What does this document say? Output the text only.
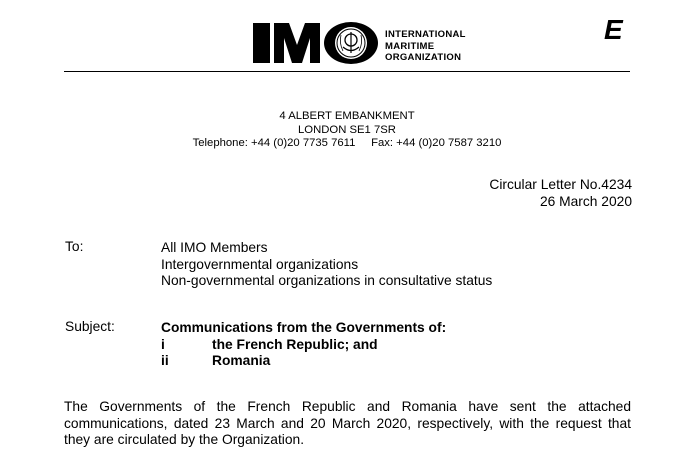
INTERNATIONAL
MARITIME
ORGANIZATION
E
4 ALBERT EMBANKMENT
LONDON SE1 7SR
Telephone: +44 (0)20 7735 7611     Fax: +44 (0)20 7587 3210
Circular Letter No.4234
26 March 2020
To:	All IMO Members
Intergovernmental organizations
Non-governmental organizations in consultative status
Subject:	Communications from the Governments of:
i	the French Republic; and
ii	Romania
The Governments of the French Republic and Romania have sent the attached communications, dated 23 March and 20 March 2020, respectively, with the request that they are circulated by the Organization.
